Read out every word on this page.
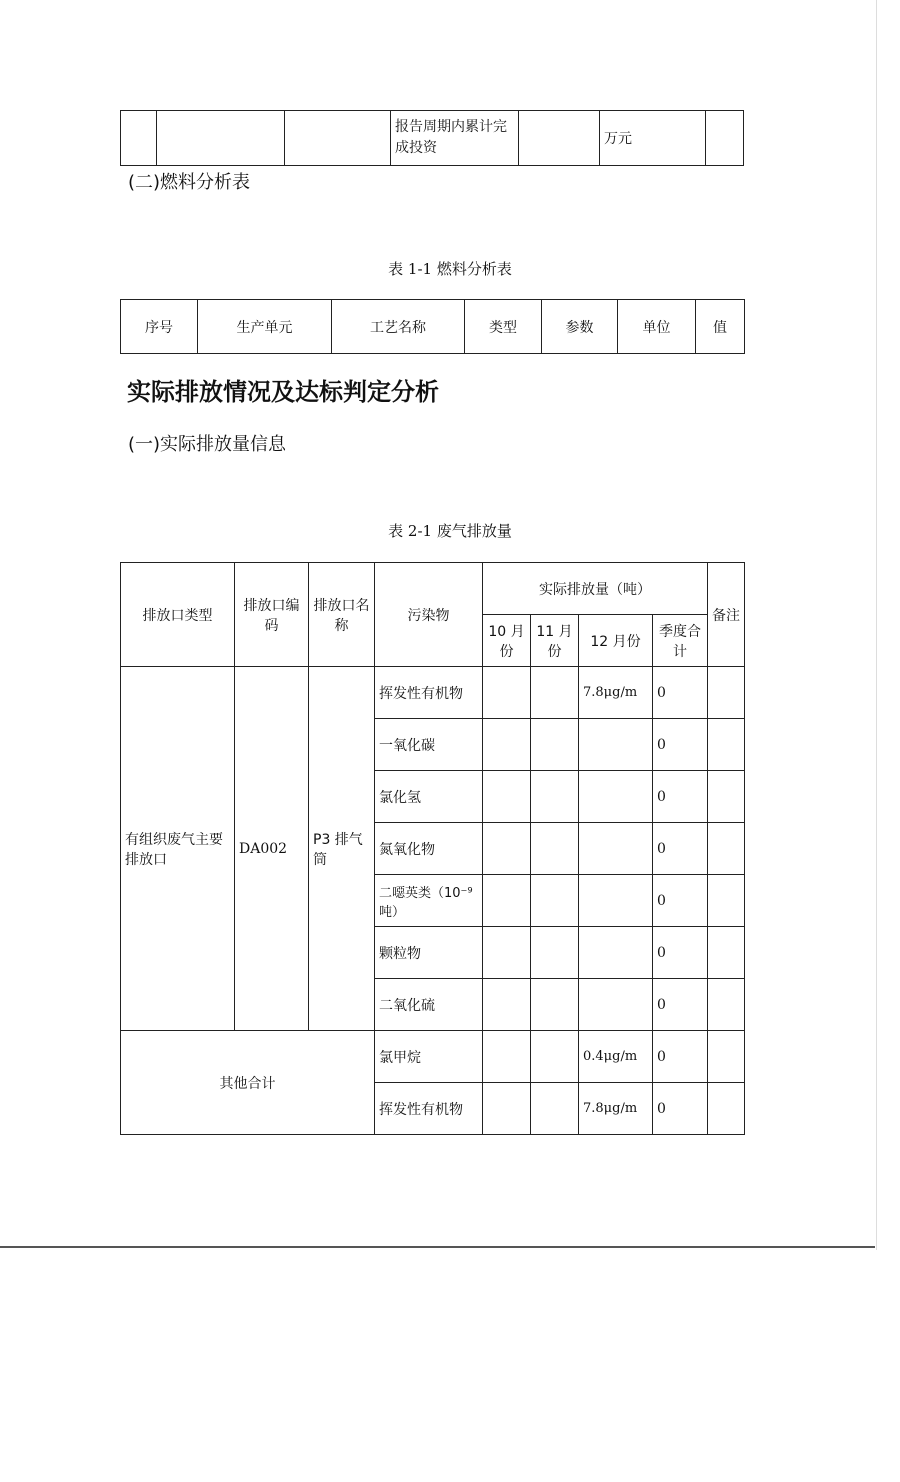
			报告周期内累计完成投资		万元	
(二)燃料分析表
表 1-1 燃料分析表
序号	生产单元	工艺名称	类型	参数	单位	值
实际排放情况及达标判定分析
(一)实际排放量信息
表 2-1 废气排放量
排放口类型	排放口编码	排放口名称	污染物	实际排放量（吨）				备注
				10 月份	11 月份	12 月份	季度合计	
有组织废气主要排放口	DA002	P3 排气筒	挥发性有机物			7.8μg/m	0	
			一氧化碳				0	
			氯化氢				0	
			氮氧化物				0	
			二噁英类（10⁻⁹吨）				0	
			颗粒物				0	
			二氧化硫				0	
其他合计			氯甲烷			0.4μg/m	0	
			挥发性有机物			7.8μg/m	0	
